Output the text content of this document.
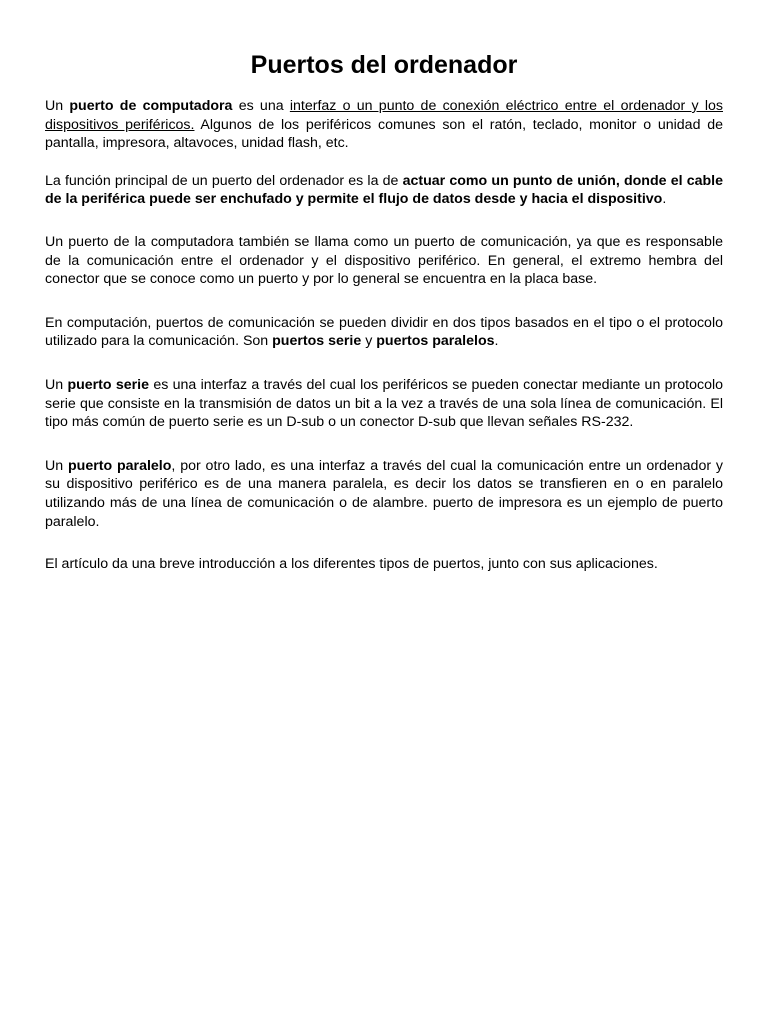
Puertos del ordenador

Un puerto de computadora es una interfaz o un punto de conexión eléctrico entre el ordenador y los dispositivos periféricos. Algunos de los periféricos comunes son el ratón, teclado, monitor o unidad de pantalla, impresora, altavoces, unidad flash, etc.

La función principal de un puerto del ordenador es la de actuar como un punto de unión, donde el cable de la periférica puede ser enchufado y permite el flujo de datos desde y hacia el dispositivo.

Un puerto de la computadora también se llama como un puerto de comunicación, ya que es responsable de la comunicación entre el ordenador y el dispositivo periférico. En general, el extremo hembra del conector que se conoce como un puerto y por lo general se encuentra en la placa base.

En computación, puertos de comunicación se pueden dividir en dos tipos basados en el tipo o el protocolo utilizado para la comunicación. Son puertos serie y puertos paralelos.

Un puerto serie es una interfaz a través del cual los periféricos se pueden conectar mediante un protocolo serie que consiste en la transmisión de datos un bit a la vez a través de una sola línea de comunicación. El tipo más común de puerto serie es un D-sub o un conector D-sub que llevan señales RS-232.

Un puerto paralelo, por otro lado, es una interfaz a través del cual la comunicación entre un ordenador y su dispositivo periférico es de una manera paralela, es decir los datos se transfieren en o en paralelo utilizando más de una línea de comunicación o de alambre. puerto de impresora es un ejemplo de puerto paralelo.

El artículo da una breve introducción a los diferentes tipos de puertos, junto con sus aplicaciones.
